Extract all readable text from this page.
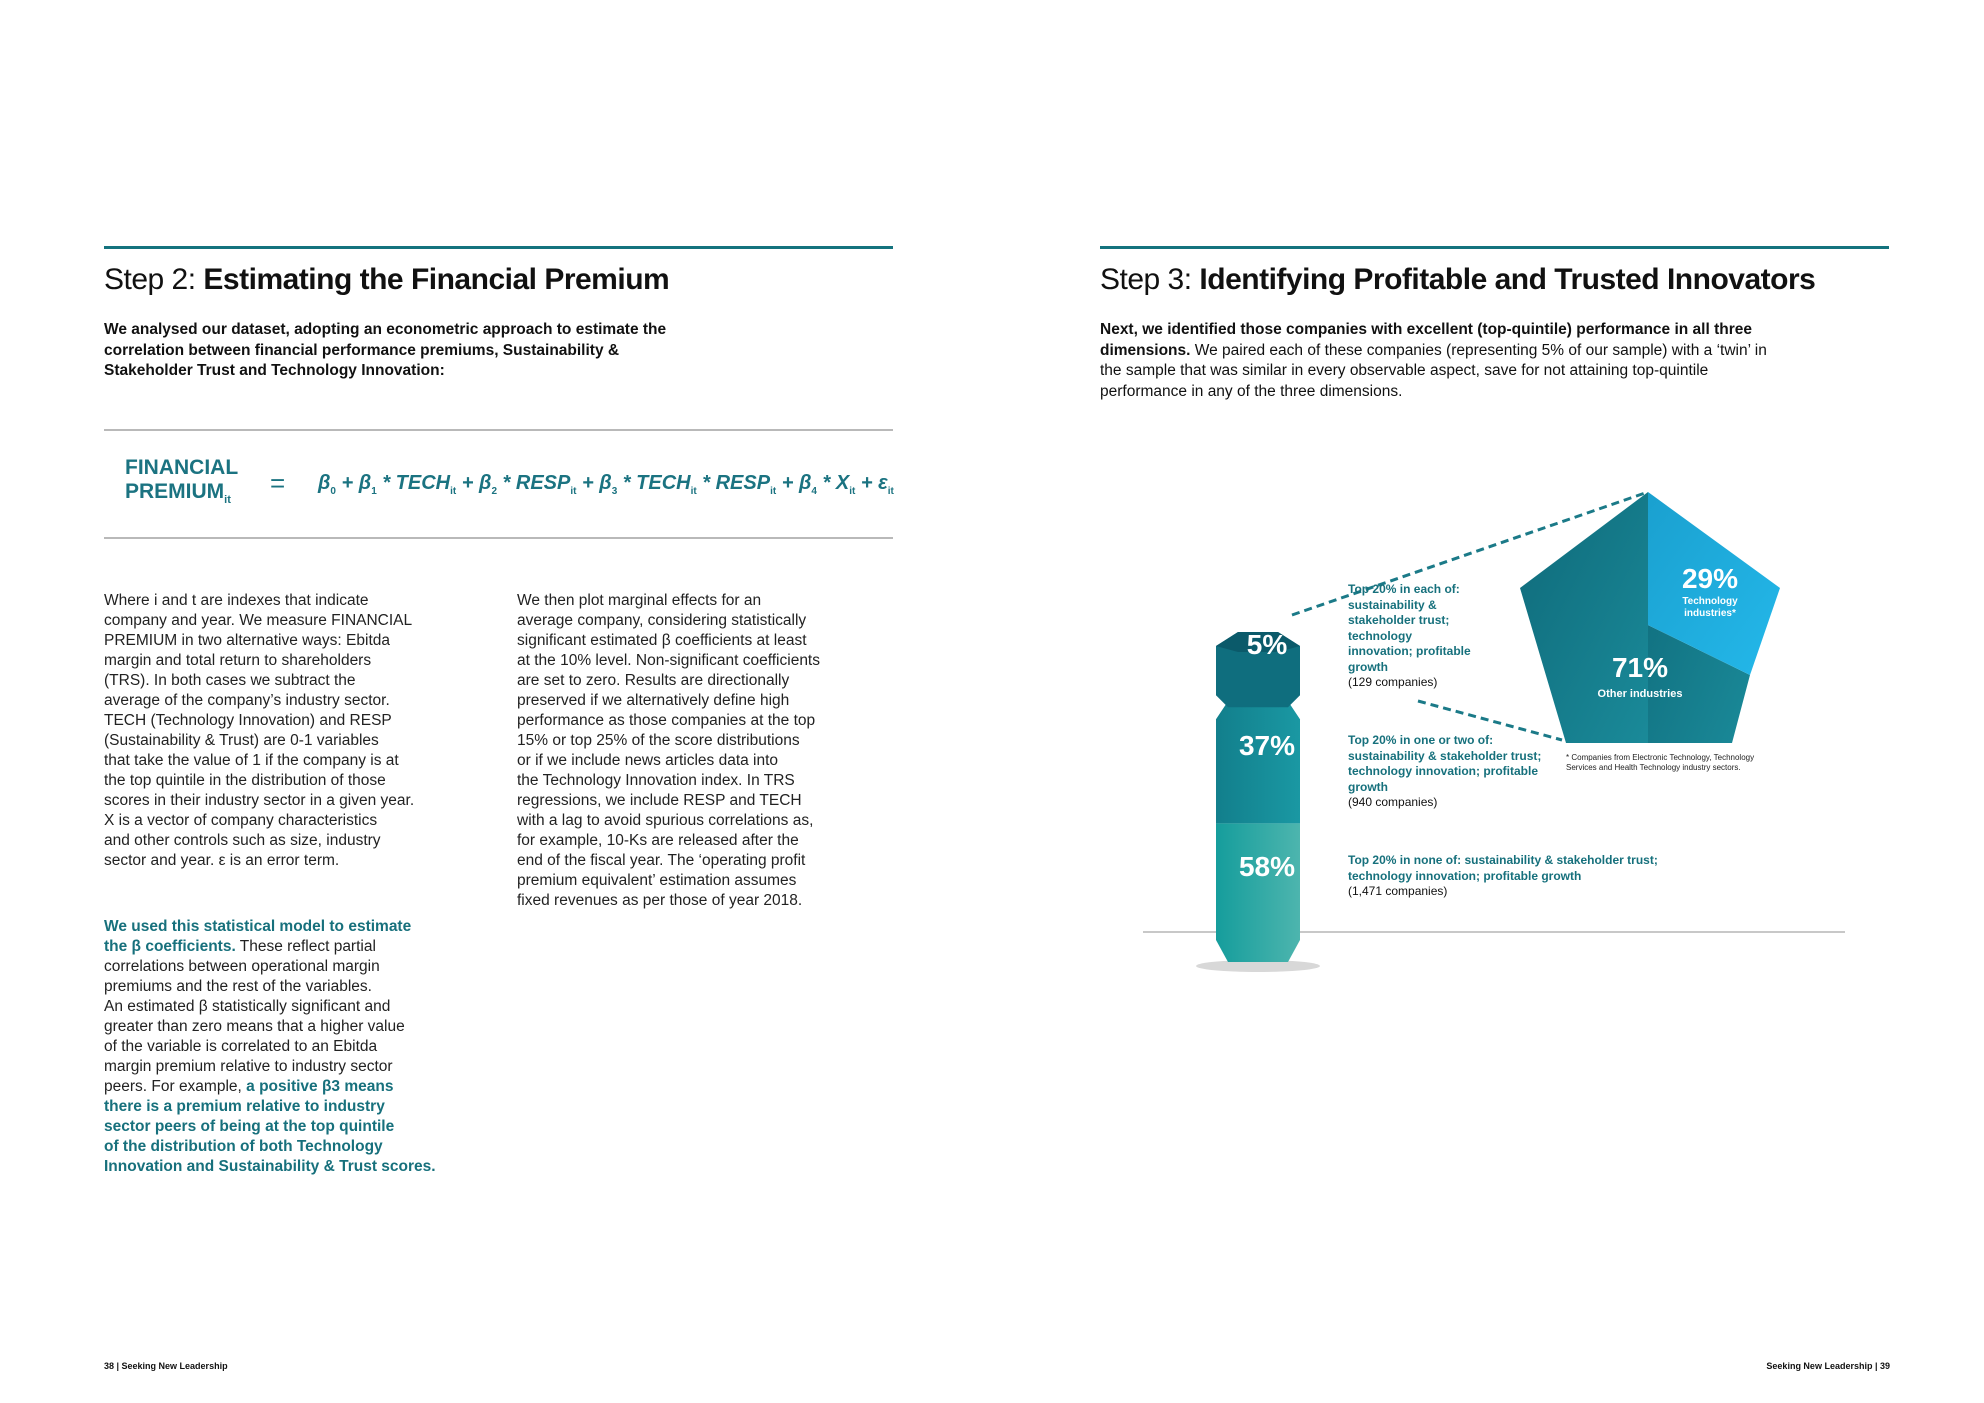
Step 2: Estimating the Financial Premium
We analysed our dataset, adopting an econometric approach to estimate the correlation between financial performance premiums, Sustainability & Stakeholder Trust and Technology Innovation:
FINANCIAL
$PREMIUM_{it}$
= $\beta_0 + \beta_1$ * $TECH_{it} + \beta_2$ * $RESP_{it} + \beta_3$ * $TECH_{it}$ * $RESP_{it} + \beta_4 * X_{it} + \varepsilon_{it}$
Where i and t are indexes that indicate
company and year. We measure FINANCIAL
PREMIUM in two alternative ways: Ebitda
margin and total return to shareholders
(TRS). In both cases we subtract the
average of the company’s industry sector.
TECH (Technology Innovation) and RESP
(Sustainability & Trust) are 0-1 variables
that take the value of 1 if the company is at
the top quintile in the distribution of those
scores in their industry sector in a given year.
X is a vector of company characteristics
and other controls such as size, industry
sector and year. ε is an error term.

We used this statistical model to estimate
the β coefficients. These reflect partial
correlations between operational margin
premiums and the rest of the variables.
An estimated β statistically significant and
greater than zero means that a higher value
of the variable is correlated to an Ebitda
margin premium relative to industry sector
peers. For example, a positive β3 means
there is a premium relative to industry
sector peers of being at the top quintile
of the distribution of both Technology
Innovation and Sustainability & Trust scores.

We then plot marginal effects for an
average company, considering statistically
significant estimated β coefficients at least
at the 10% level. Non-significant coefficients
are set to zero. Results are directionally
preserved if we alternatively define high
performance as those companies at the top
15% or top 25% of the score distributions
or if we include news articles data into
the Technology Innovation index. In TRS
regressions, we include RESP and TECH
with a lag to avoid spurious correlations as,
for example, 10-Ks are released after the
end of the fiscal year. The ‘operating profit
premium equivalent’ estimation assumes
fixed revenues as per those of year 2018.
38 | Seeking New Leadership
Step 3: Identifying Profitable and Trusted Innovators
Next, we identified those companies with excellent (top-quintile) performance in all three dimensions. We paired each of these companies (representing 5% of our sample) with a ‘twin’ in the sample that was similar in every observable aspect, save for not attaining top-quintile performance in any of the three dimensions.
5%
37%
58%
Top 20% in each of: sustainability & stakeholder trust; technology innovation; profitable growth
(129 companies)
Top 20% in one or two of: sustainability & stakeholder trust; technology innovation; profitable growth
(940 companies)
Top 20% in none of: sustainability & stakeholder trust; technology innovation; profitable growth
(1,471 companies)
29%
Technology industries*
71%
Other industries
* Companies from Electronic Technology, Technology Services and Health Technology industry sectors.
Seeking New Leadership | 39
